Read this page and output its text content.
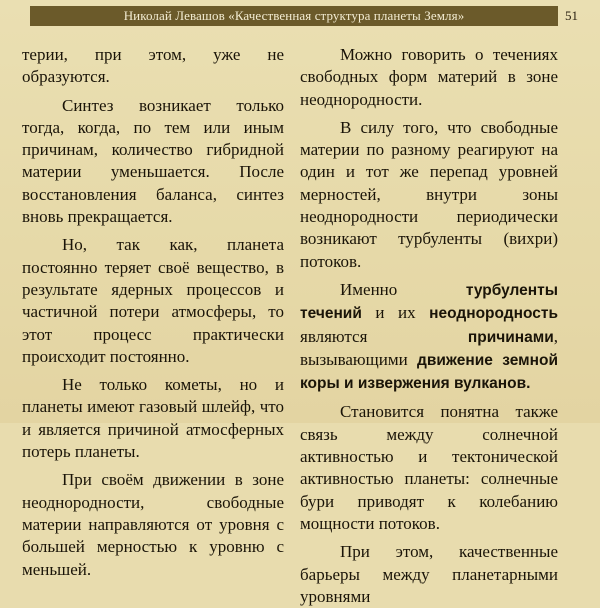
Николай Левашов «Качественная структура планеты Земля»	51

терии, при этом, уже не образуются.

Синтез возникает только тогда, когда, по тем или иным причинам, количество гибридной материи уменьшается. После восстановления баланса, синтез вновь прекращается.

Но, так как, планета постоянно теряет своё вещество, в результате ядерных процессов и частичной потери атмосферы, то этот процесс практически происходит постоянно.

Не только кометы, но и планеты имеют газовый шлейф, что и является причиной атмосферных потерь планеты.

При своём движении в зоне неоднородности, свободные материи направляются от уровня с большей мерностью к уровню с меньшей.

Можно говорить о течениях свободных форм материй в зоне неоднородности.

В силу того, что свободные материи по разному реагируют на один и тот же перепад уровней мерностей, внутри зоны неоднородности периодически возникают турбуленты (вихри) потоков.

Именно турбуленты течений и их неоднородность являются причинами, вызывающими движение земной коры и извержения вулканов.

Становится понятна также связь между солнечной активностью и тектонической активностью планеты: солнечные бури приводят к колебанию мощности потоков.

При этом, качественные барьеры между планетарными уровнями
